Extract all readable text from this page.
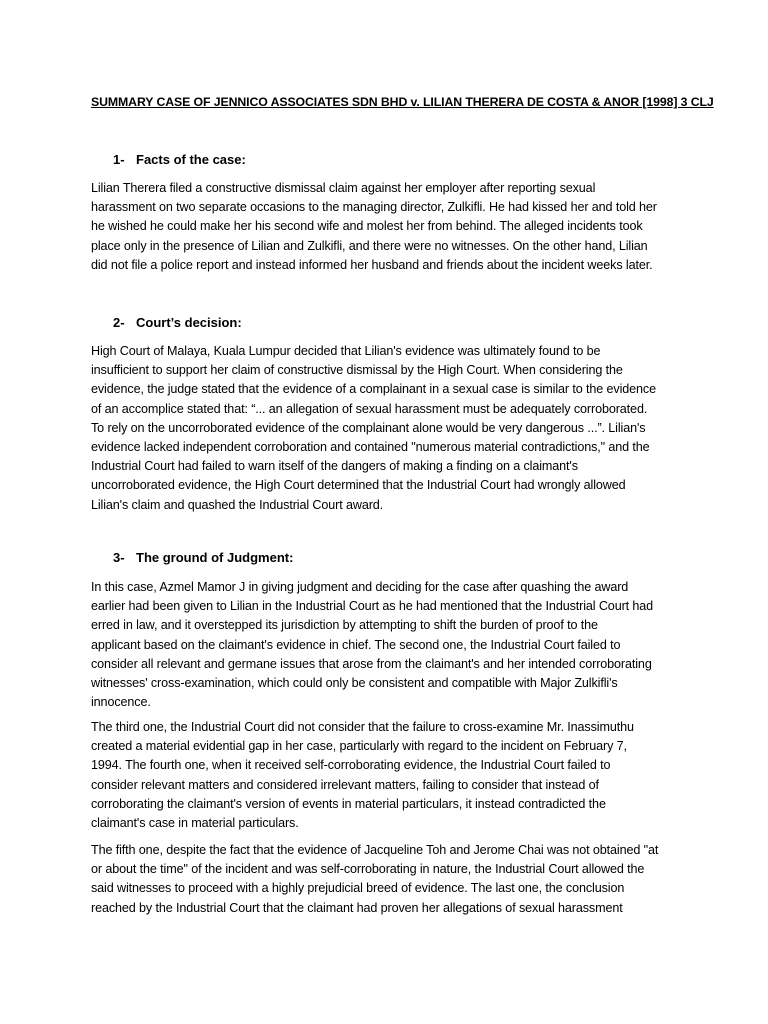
SUMMARY CASE OF JENNICO ASSOCIATES SDN BHD v. LILIAN THERERA DE COSTA & ANOR [1998] 3 CLJ
1- Facts of the case:
Lilian Therera filed a constructive dismissal claim against her employer after reporting sexual
harassment on two separate occasions to the managing director, Zulkifli. He had kissed her and told her
he wished he could make her his second wife and molest her from behind. The alleged incidents took
place only in the presence of Lilian and Zulkifli, and there were no witnesses. On the other hand, Lilian
did not file a police report and instead informed her husband and friends about the incident weeks later.
2- Court’s decision:
High Court of Malaya, Kuala Lumpur decided that Lilian's evidence was ultimately found to be
insufficient to support her claim of constructive dismissal by the High Court. When considering the
evidence, the judge stated that the evidence of a complainant in a sexual case is similar to the evidence
of an accomplice stated that: “... an allegation of sexual harassment must be adequately corroborated.
To rely on the uncorroborated evidence of the complainant alone would be very dangerous ...”. Lilian's
evidence lacked independent corroboration and contained "numerous material contradictions," and the
Industrial Court had failed to warn itself of the dangers of making a finding on a claimant's
uncorroborated evidence, the High Court determined that the Industrial Court had wrongly allowed
Lilian's claim and quashed the Industrial Court award.
3- The ground of Judgment:
In this case, Azmel Mamor J in giving judgment and deciding for the case after quashing the award
earlier had been given to Lilian in the Industrial Court as he had mentioned that the Industrial Court had
erred in law, and it overstepped its jurisdiction by attempting to shift the burden of proof to the
applicant based on the claimant's evidence in chief. The second one, the Industrial Court failed to
consider all relevant and germane issues that arose from the claimant's and her intended corroborating
witnesses' cross-examination, which could only be consistent and compatible with Major Zulkifli's
innocence.
The third one, the Industrial Court did not consider that the failure to cross-examine Mr. Inassimuthu
created a material evidential gap in her case, particularly with regard to the incident on February 7,
1994. The fourth one, when it received self-corroborating evidence, the Industrial Court failed to
consider relevant matters and considered irrelevant matters, failing to consider that instead of
corroborating the claimant's version of events in material particulars, it instead contradicted the
claimant's case in material particulars.
The fifth one, despite the fact that the evidence of Jacqueline Toh and Jerome Chai was not obtained "at
or about the time" of the incident and was self-corroborating in nature, the Industrial Court allowed the
said witnesses to proceed with a highly prejudicial breed of evidence. The last one, the conclusion
reached by the Industrial Court that the claimant had proven her allegations of sexual harassment
